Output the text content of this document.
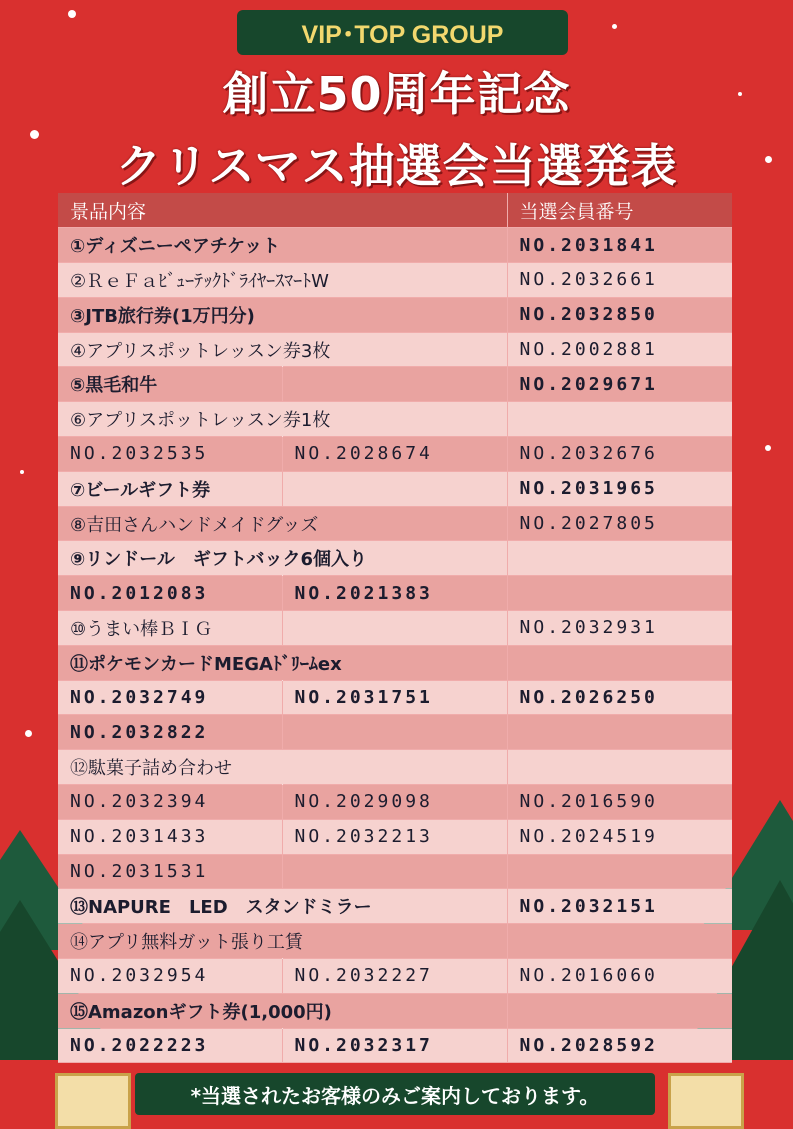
VIP･TOP GROUP
創立50周年記念
クリスマス抽選会当選発表
景品内容		当選会員番号
①ディズニーペアチケット		NO.2031841
②ＲｅＦａﾋﾞｭｰﾃｯｸﾄﾞﾗｲﾔｰｽﾏｰﾄW		NO.2032661
③JTB旅行券(1万円分)		NO.2032850
④アプリスポットレッスン券3枚		NO.2002881
⑤黒毛和牛		NO.2029671
⑥アプリスポットレッスン券1枚		
NO.2032535	NO.2028674	NO.2032676
⑦ビールギフト券		NO.2031965
⑧吉田さんハンドメイドグッズ		NO.2027805
⑨リンドール　ギフトバック6個入り		
NO.2012083	NO.2021383	
⑩うまい棒ＢＩＧ		NO.2032931
⑪ポケモンカードMEGAﾄﾞﾘｰﾑex		
NO.2032749	NO.2031751	NO.2026250
NO.2032822		
⑫駄菓子詰め合わせ		
NO.2032394	NO.2029098	NO.2016590
NO.2031433	NO.2032213	NO.2024519
NO.2031531		
⑬NAPURE　LED　スタンドミラー		NO.2032151
⑭アプリ無料ガット張り工賃		
NO.2032954	NO.2032227	NO.2016060
⑮Amazonギフト券(1,000円)		
NO.2022223	NO.2032317	NO.2028592
*当選されたお客様のみご案内しております。
